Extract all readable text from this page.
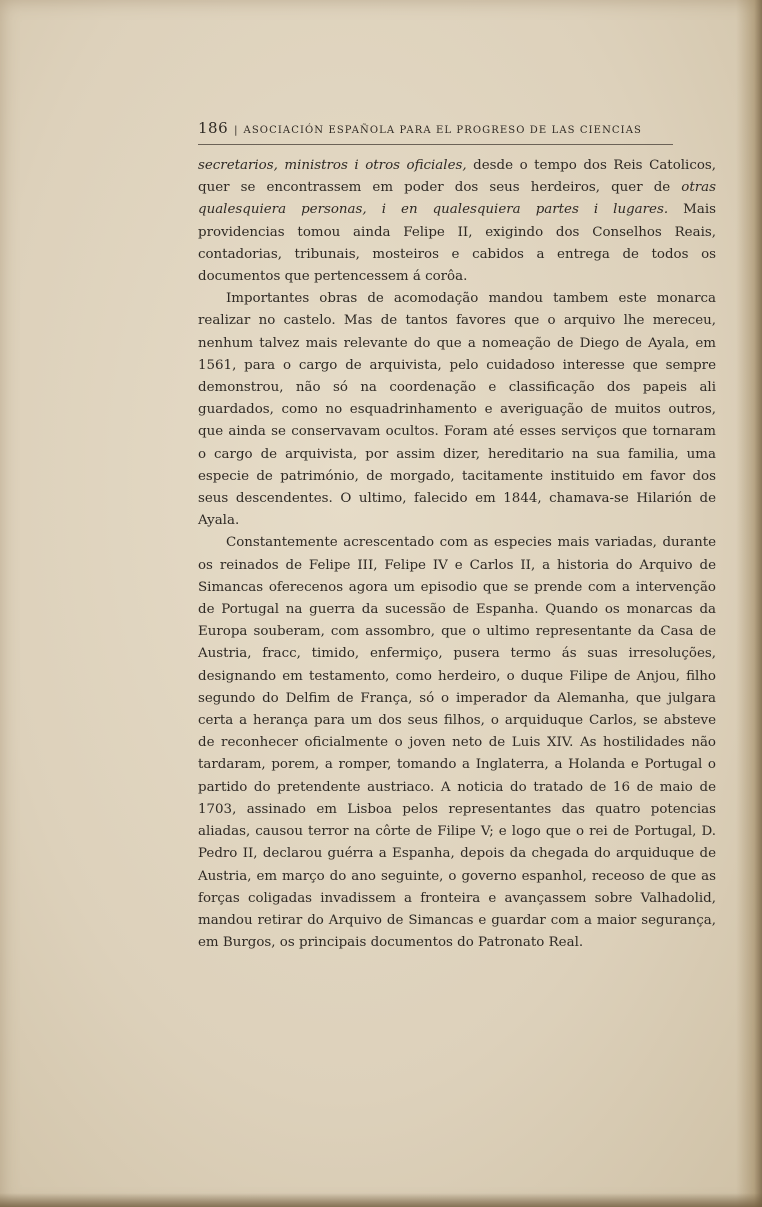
186 | ASOCIACIÓN ESPAÑOLA PARA EL PROGRESO DE LAS CIENCIAS

secretarios, ministros i otros oficiales, desde o tempo dos Reis Catolicos, quer se encontrassem em poder dos seus herdeiros, quer de otras qualesquiera personas, i en qualesquiera partes i lugares. Mais providencias tomou ainda Felipe II, exigindo dos Conselhos Reais, contadorias, tribunais, mosteiros e cabidos a entrega de todos os documentos que pertencessem á corôa.

Importantes obras de acomodação mandou tambem este monarca realizar no castelo. Mas de tantos favores que o arquivo lhe mereceu, nenhum talvez mais relevante do que a nomeação de Diego de Ayala, em 1561, para o cargo de arquivista, pelo cuidadoso interesse que sempre demonstrou, não só na coordenação e classificação dos papeis ali guardados, como no esquadrinhamento e averiguação de muitos outros, que ainda se conservavam ocultos. Foram até esses serviços que tornaram o cargo de arquivista, por assim dizer, hereditario na sua familia, uma especie de património, de morgado, tacitamente instituido em favor dos seus descendentes. O ultimo, falecido em 1844, chamava-se Hilarión de Ayala.

Constantemente acrescentado com as especies mais variadas, durante os reinados de Felipe III, Felipe IV e Carlos II, a historia do Arquivo de Simancas oferecenos agora um episodio que se prende com a intervenção de Portugal na guerra da sucessão de Espanha. Quando os monarcas da Europa souberam, com assombro, que o ultimo representante da Casa de Austria, fracc, timido, enfermiço, pusera termo ás suas irresoluções, designando em testamento, como herdeiro, o duque Filipe de Anjou, filho segundo do Delfim de França, só o imperador da Alemanha, que julgara certa a herança para um dos seus filhos, o arquiduque Carlos, se absteve de reconhecer oficialmente o joven neto de Luis XIV. As hostilidades não tardaram, porem, a romper, tomando a Inglaterra, a Holanda e Portugal o partido do pretendente austriaco. A noticia do tratado de 16 de maio de 1703, assinado em Lisboa pelos representantes das quatro potencias aliadas, causou terror na côrte de Filipe V; e logo que o rei de Portugal, D. Pedro II, declarou guérra a Espanha, depois da chegada do arquiduque de Austria, em março do ano seguinte, o governo espanhol, receoso de que as forças coligadas invadissem a fronteira e avançassem sobre Valhadolid, mandou retirar do Arquivo de Simancas e guardar com a maior segurança, em Burgos, os principais documentos do Patronato Real.
